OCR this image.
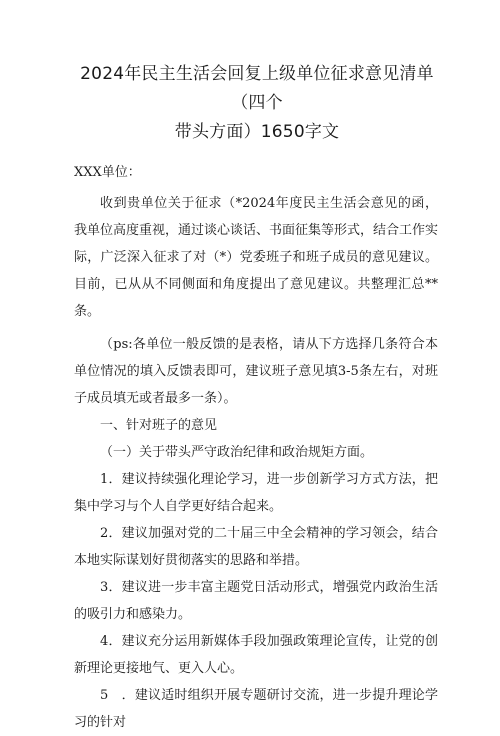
2024年民主生活会回复上级单位征求意见清单（四个
带头方面）1650字文

XXX单位：

收到贵单位关于征求（*2024年度民主生活会意见的函，我单位高度重视，通过谈心谈话、书面征集等形式，结合工作实际，广泛深入征求了对（*）党委班子和班子成员的意见建议。目前，已从从不同侧面和角度提出了意见建议。共整理汇总**条。

（ps:各单位一般反馈的是表格，请从下方选择几条符合本单位情况的填入反馈表即可，建议班子意见填3-5条左右，对班子成员填无或者最多一条）。

一、针对班子的意见

（一）关于带头严守政治纪律和政治规矩方面。

1．建议持续强化理论学习，进一步创新学习方式方法，把集中学习与个人自学更好结合起来。

2．建议加强对党的二十届三中全会精神的学习领会，结合本地实际谋划好贯彻落实的思路和举措。

3．建议进一步丰富主题党日活动形式，增强党内政治生活的吸引力和感染力。

4．建议充分运用新媒体手段加强政策理论宣传，让党的创新理论更接地气、更入人心。

5　．建议适时组织开展专题研讨交流，进一步提升理论学习的针对
